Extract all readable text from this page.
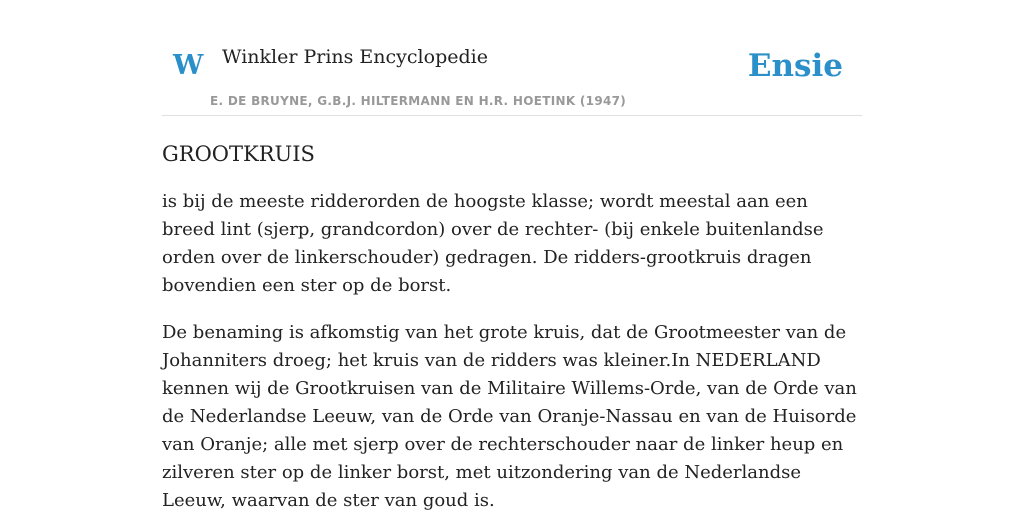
W Winkler Prins Encyclopedie
E. DE BRUYNE, G.B.J. HILTERMANN EN H.R. HOETINK (1947)
Ensie
GROOTKRUIS

is bij de meeste ridderorden de hoogste klasse; wordt meestal aan een breed lint (sjerp, grandcordon) over de rechter- (bij enkele buitenlandse orden over de linkerschouder) gedragen. De ridders-grootkruis dragen bovendien een ster op de borst.

De benaming is afkomstig van het grote kruis, dat de Grootmeester van de Johanniters droeg; het kruis van de ridders was kleiner.In NEDERLAND kennen wij de Grootkruisen van de Militaire Willems-Orde, van de Orde van de Nederlandse Leeuw, van de Orde van Oranje-Nassau en van de Huisorde van Oranje; alle met sjerp over de rechterschouder naar de linker heup en zilveren ster op de linker borst, met uitzondering van de Nederlandse Leeuw, waarvan de ster van goud is.
